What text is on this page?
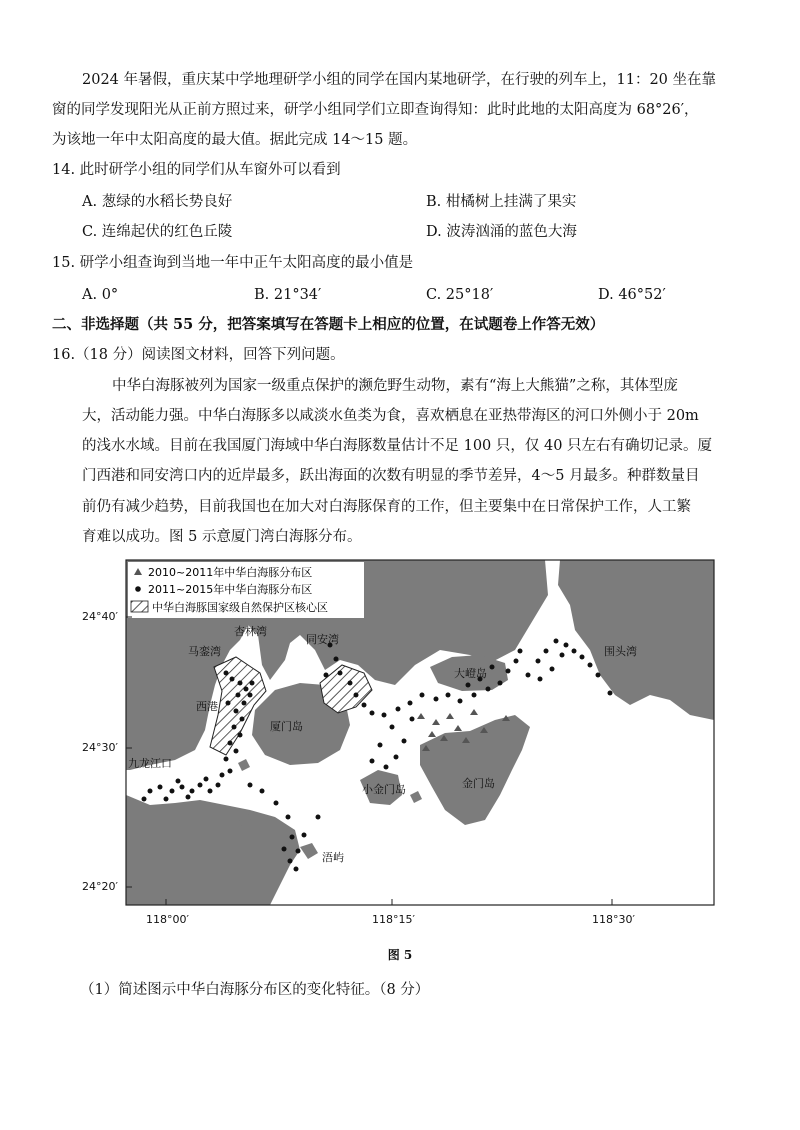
2024 年暑假，重庆某中学地理研学小组的同学在国内某地研学，在行驶的列车上，11：20 坐在靠
窗的同学发现阳光从正前方照过来，研学小组同学们立即查询得知：此时此地的太阳高度为 68°26′，
为该地一年中太阳高度的最大值。据此完成 14～15 题。
14. 此时研学小组的同学们从车窗外可以看到
A. 葱绿的水稻长势良好	B. 柑橘树上挂满了果实
C. 连绵起伏的红色丘陵	D. 波涛汹涌的蓝色大海
15. 研学小组查询到当地一年中正午太阳高度的最小值是
A. 0°	B. 21°34′	C. 25°18′	D. 46°52′
二、非选择题（共 55 分，把答案填写在答题卡上相应的位置，在试题卷上作答无效）
16.（18 分）阅读图文材料，回答下列问题。
中华白海豚被列为国家一级重点保护的濒危野生动物，素有“海上大熊猫”之称，其体型庞
大，活动能力强。中华白海豚多以咸淡水鱼类为食，喜欢栖息在亚热带海区的河口外侧小于 20m
的浅水水域。目前在我国厦门海域中华白海豚数量估计不足 100 只，仅 40 只左右有确切记录。厦
门西港和同安湾口内的近岸最多，跃出海面的次数有明显的季节差异，4～5 月最多。种群数量目
前仍有减少趋势，目前我国也在加大对白海豚保育的工作，但主要集中在日常保护工作，人工繁
育难以成功。图 5 示意厦门湾白海豚分布。
2010~2011年中华白海豚分布区
2011~2015年中华白海豚分布区
中华白海豚国家级自然保护区核心区
马銮湾
杏林湾
同安湾
围头湾
西港
厦门岛
大嶝岛
小金门岛	金门岛
九龙江口
浯屿
24°40′
24°30′
24°20′
118°00′	118°15′	118°30′
图 5
（1）简述图示中华白海豚分布区的变化特征。（8 分）
